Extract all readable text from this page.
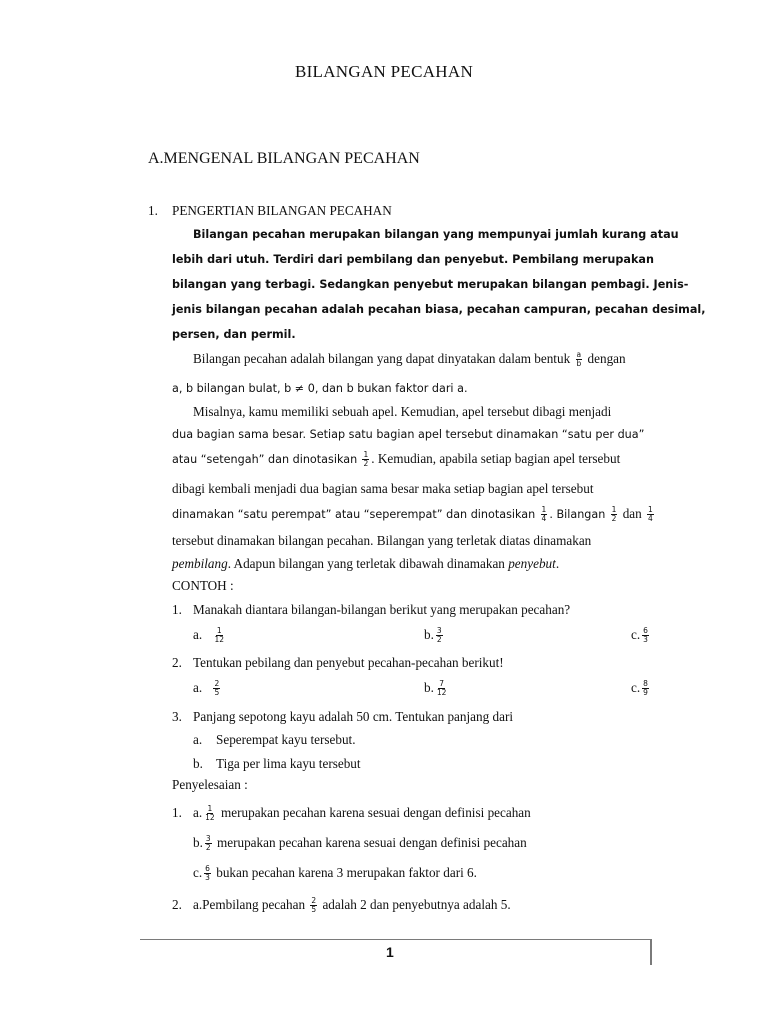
BILANGAN PECAHAN
A.MENGENAL BILANGAN PECAHAN
1. PENGERTIAN BILANGAN PECAHAN
Bilangan pecahan merupakan bilangan yang mempunyai jumlah kurang atau
lebih dari utuh. Terdiri dari pembilang dan penyebut. Pembilang merupakan
bilangan yang terbagi. Sedangkan penyebut merupakan bilangan pembagi. Jenis-
jenis bilangan pecahan adalah pecahan biasa, pecahan campuran, pecahan desimal,
persen, dan permil.
Bilangan pecahan adalah bilangan yang dapat dinyatakan dalam bentuk $\frac{a}{b}$ dengan
a, b bilangan bulat, b ≠ 0, dan b bukan faktor dari a.
Misalnya, kamu memiliki sebuah apel. Kemudian, apel tersebut dibagi menjadi
dua bagian sama besar. Setiap satu bagian apel tersebut dinamakan “satu per dua”
atau “setengah” dan dinotasikan $\frac{1}{2}$ . Kemudian, apabila setiap bagian apel tersebut
dibagi kembali menjadi dua bagian sama besar maka setiap bagian apel tersebut
dinamakan “satu perempat” atau “seperempat” dan dinotasikan $\frac{1}{4}$ . Bilangan $\frac{1}{2}$ dan $\frac{1}{4}$
tersebut dinamakan bilangan pecahan. Bilangan yang terletak diatas dinamakan
pembilang. Adapun bilangan yang terletak dibawah dinamakan penyebut.
CONTOH :
1. Manakah diantara bilangan-bilangan berikut yang merupakan pecahan?
a. $\frac{1}{12}$	b. $\frac{3}{2}$	c. $\frac{6}{3}$
2. Tentukan pebilang dan penyebut pecahan-pecahan berikut!
a. $\frac{2}{5}$	b. $\frac{7}{12}$	c. $\frac{8}{9}$
3. Panjang sepotong kayu adalah 50 cm. Tentukan panjang dari
a. Seperempat kayu tersebut.
b. Tiga per lima kayu tersebut
Penyelesaian :
1. a. $\frac{1}{12}$ merupakan pecahan karena sesuai dengan definisi pecahan
b. $\frac{3}{2}$ merupakan pecahan karena sesuai dengan definisi pecahan
c. $\frac{6}{3}$ bukan pecahan karena 3 merupakan faktor dari 6.
2. a.Pembilang pecahan $\frac{2}{5}$ adalah 2 dan penyebutnya adalah 5.
1
